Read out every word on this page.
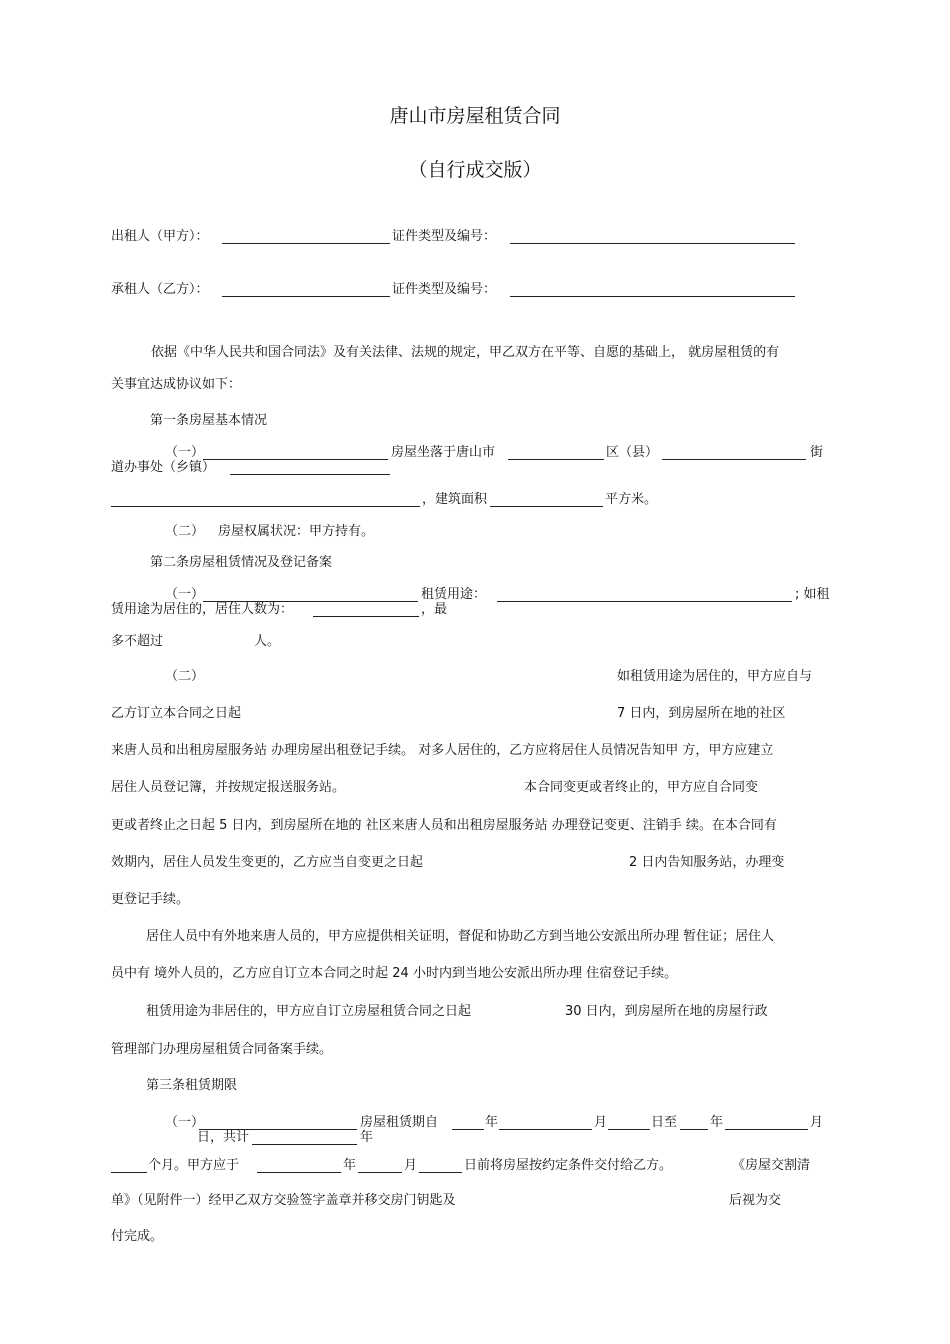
唐山市房屋租赁合同
（自行成交版）
出租人（甲方）：	证件类型及编号：
承租人（乙方）：	证件类型及编号：
依据《中华人民共和国合同法》及有关法律、法规的规定，甲乙双方在平等、自愿的基础上， 就房屋租赁的有
关事宜达成协议如下：
第一条房屋基本情况
（一）	房屋坐落于唐山市	区（县）	街
道办事处（乡镇）
，建筑面积	平方米。
（二） 房屋权属状况：甲方持有。
第二条房屋租赁情况及登记备案
（一）	租赁用途：	; 如租
赁用途为居住的，居住人数为：	，最
多不超过	人。
（二）	如租赁用途为居住的，甲方应自与
乙方订立本合同之日起	7 日内，到房屋所在地的社区
来唐人员和出租房屋服务站 办理房屋出租登记手续。 对多人居住的，乙方应将居住人员情况告知甲 方，甲方应建立
居住人员登记簿，并按规定报送服务站。	本合同变更或者终止的，甲方应自合同变
更或者终止之日起 5 日内，到房屋所在地的 社区来唐人员和出租房屋服务站 办理登记变更、注销手 续。在本合同有
效期内，居住人员发生变更的，乙方应当自变更之日起	2 日内告知服务站，办理变
更登记手续。
居住人员中有外地来唐人员的，甲方应提供相关证明，督促和协助乙方到当地公安派出所办理 暂住证；居住人
员中有 境外人员的，乙方应自订立本合同之时起 24 小时内到当地公安派出所办理 住宿登记手续。
租赁用途为非居住的，甲方应自订立房屋租赁合同之日起	30 日内，到房屋所在地的房屋行政
管理部门办理房屋租赁合同备案手续。
第三条租赁期限
（一）	房屋租赁期自	年	月	日至	年	月
日，共计	年
个月。甲方应于	年	月	日前将房屋按约定条件交付给乙方。	《房屋交割清
单》（见附件一）经甲乙双方交验签字盖章并移交房门钥匙及	后视为交
付完成。
